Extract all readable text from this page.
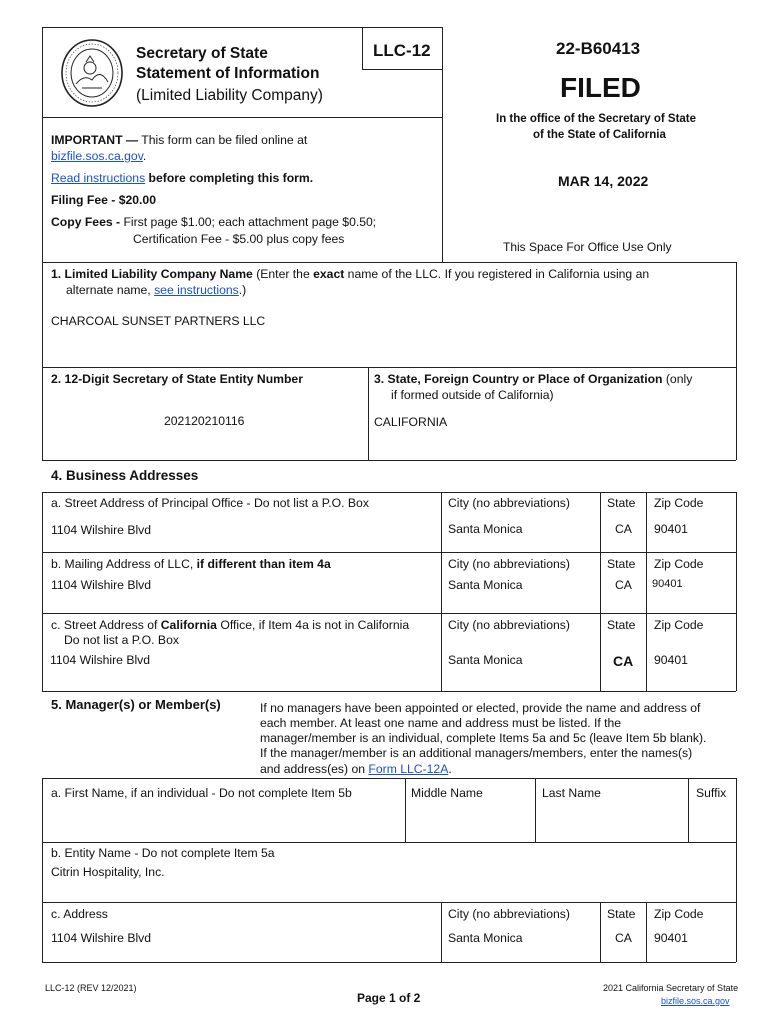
Secretary of State
Statement of Information
(Limited Liability Company)
LLC-12	22-B60413
FILED
In the office of the Secretary of State
of the State of California
MAR 14, 2022
This Space For Office Use Only
IMPORTANT — This form can be filed online at
bizfile.sos.ca.gov.
Read instructions before completing this form.
Filing Fee - $20.00
Copy Fees - First page $1.00; each attachment page $0.50;
Certification Fee - $5.00 plus copy fees
1. Limited Liability Company Name (Enter the exact name of the LLC. If you registered in California using an
alternate name, see instructions.)
CHARCOAL SUNSET PARTNERS LLC
2. 12-Digit Secretary of State Entity Number
202120210116
3. State, Foreign Country or Place of Organization (only
if formed outside of California)
CALIFORNIA
4. Business Addresses
a. Street Address of Principal Office - Do not list a P.O. Box	City (no abbreviations)	State Zip Code
1104 Wilshire Blvd	Santa Monica	CA 90401
b. Mailing Address of LLC, if different than item 4a	City (no abbreviations)	State Zip Code
1104 Wilshire Blvd	Santa Monica	CA 90401
c. Street Address of California Office, if Item 4a is not in California
Do not list a P.O. Box
City (no abbreviations)	State Zip Code
1104 Wilshire Blvd	Santa Monica	CA 90401
5. Manager(s) or Member(s)	If no managers have been appointed or elected, provide the name and address of
each member. At least one name and address must be listed. If the
manager/member is an individual, complete Items 5a and 5c (leave Item 5b blank).
If the manager/member is an additional managers/members, enter the names(s)
and address(es) on Form LLC-12A.
a. First Name, if an individual - Do not complete Item 5b	Middle Name	Last Name	Suffix
b. Entity Name - Do not complete Item 5a
Citrin Hospitality, Inc.
c. Address	City (no abbreviations)	State Zip Code
1104 Wilshire Blvd	Santa Monica	CA 90401
LLC-12 (REV 12/2021)
Page 1 of 2
2021 California Secretary of State
bizfile.sos.ca.gov
